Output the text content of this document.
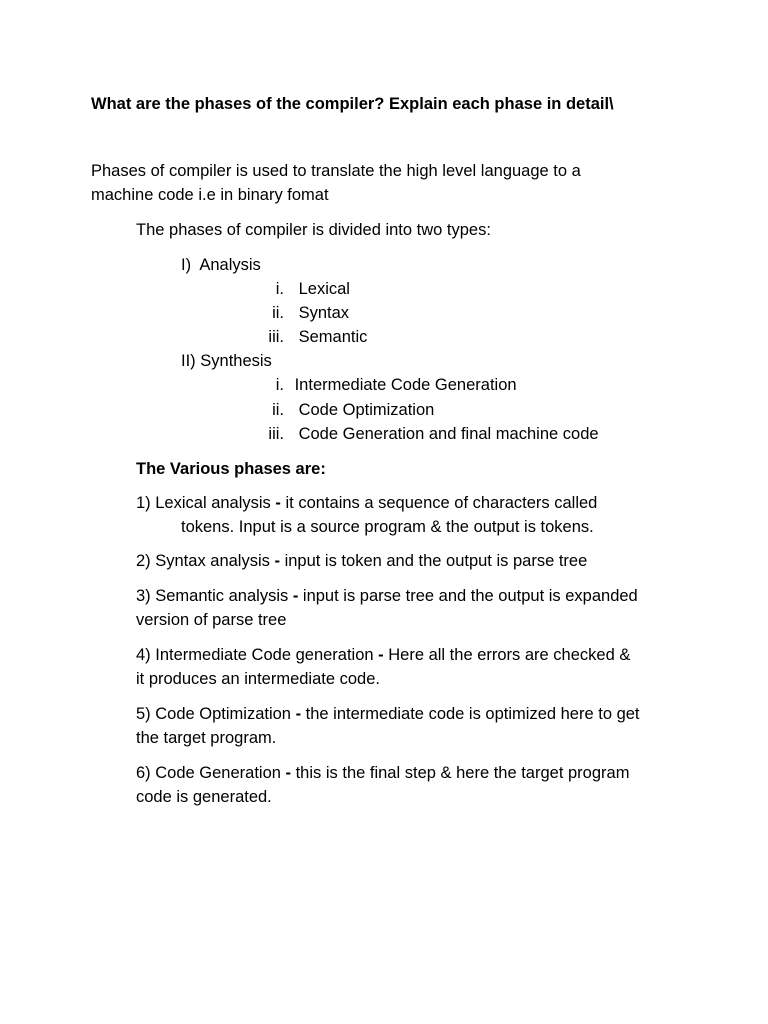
What are the phases of the compiler? Explain each phase in detail\
Phases of compiler is used to translate the high level language to a
machine code i.e in binary fomat
The phases of compiler is divided into two types:
I) Analysis
i. Lexical
ii. Syntax
iii. Semantic
II) Synthesis
i. Intermediate Code Generation
ii. Code Optimization
iii. Code Generation and final machine code
The Various phases are:
1) Lexical analysis - it contains a sequence of characters called
tokens. Input is a source program & the output is tokens.
2) Syntax analysis - input is token and the output is parse tree
3) Semantic analysis - input is parse tree and the output is expanded
version of parse tree
4) Intermediate Code generation - Here all the errors are checked &
it produces an intermediate code.
5) Code Optimization - the intermediate code is optimized here to get
the target program.
6) Code Generation - this is the final step & here the target program
code is generated.
